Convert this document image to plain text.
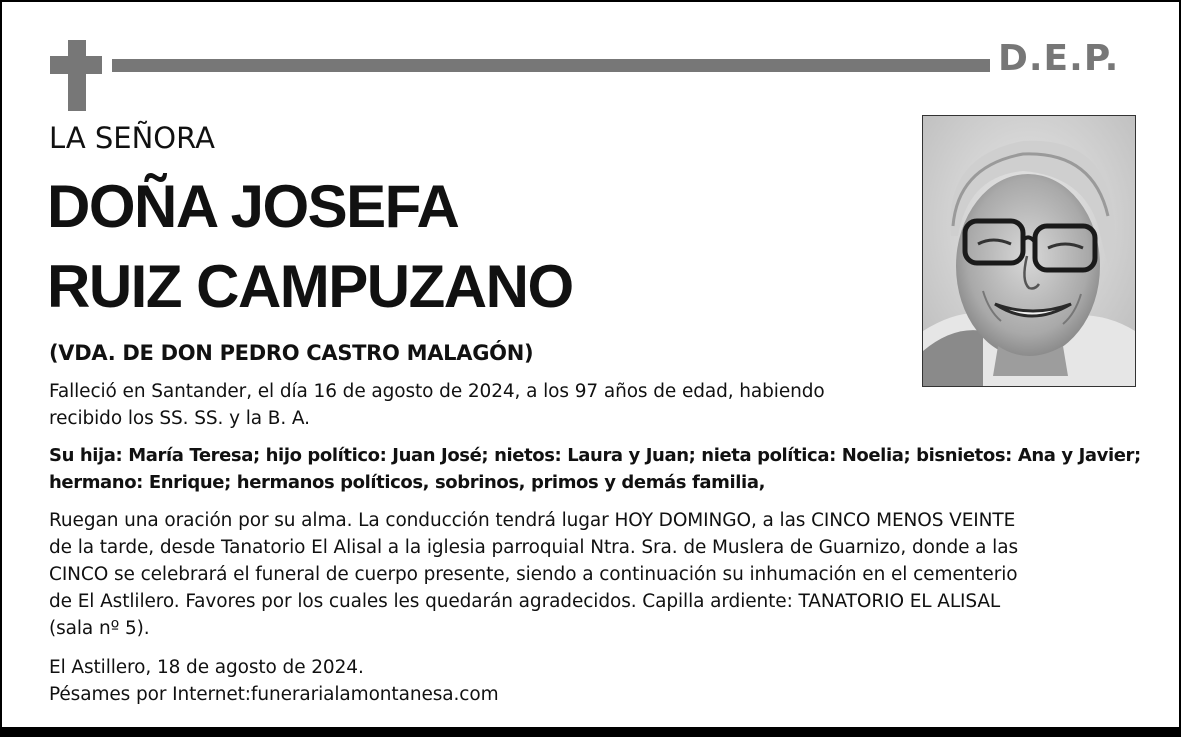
D.E.P.
LA SEÑORA
DOÑA JOSEFA
RUIZ CAMPUZANO
(VDA. DE DON PEDRO CASTRO MALAGÓN)
Falleció en Santander, el día 16 de agosto de 2024, a los 97 años de edad, habiendo
recibido los SS. SS. y la B. A.
Su hija: María Teresa; hijo político: Juan José; nietos: Laura y Juan; nieta política: Noelia; bisnietos: Ana y Javier;
hermano: Enrique; hermanos políticos, sobrinos, primos y demás familia,
Ruegan una oración por su alma. La conducción tendrá lugar HOY DOMINGO, a las CINCO MENOS VEINTE
de la tarde, desde Tanatorio El Alisal a la iglesia parroquial Ntra. Sra. de Muslera de Guarnizo, donde a las
CINCO se celebrará el funeral de cuerpo presente, siendo a continuación su inhumación en el cementerio
de El Astlilero. Favores por los cuales les quedarán agradecidos. Capilla ardiente: TANATORIO EL ALISAL
(sala nº 5).
El Astillero, 18 de agosto de 2024.
Pésames por Internet:funerarialamontanesa.com
